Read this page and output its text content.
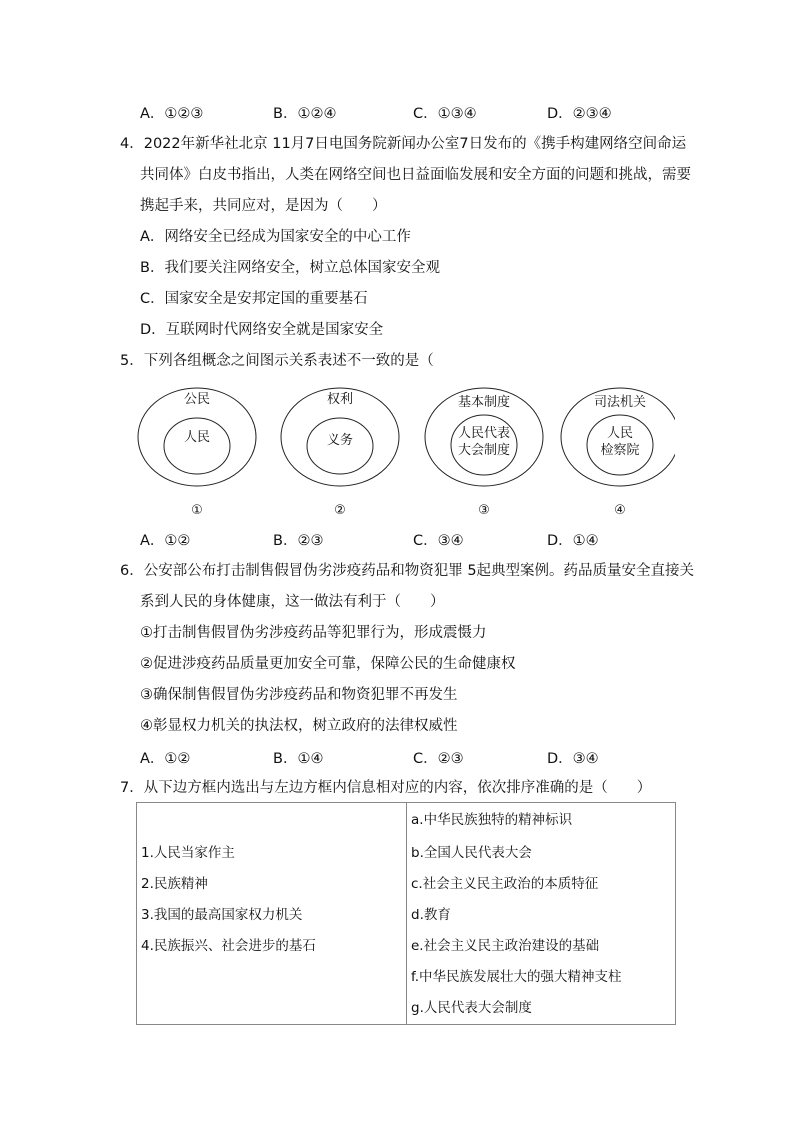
A．①②③	B．①②④	C．①③④	D．②③④
4．2022年新华社北京 11月7日电国务院新闻办公室7日发布的《携手构建网络空间命运
共同体》白皮书指出，人类在网络空间也日益面临发展和安全方面的问题和挑战，需要
携起手来，共同应对，是因为（　　）
A．网络安全已经成为国家安全的中心工作
B．我们要关注网络安全，树立总体国家安全观
C．国家安全是安邦定国的重要基石
D．互联网时代网络安全就是国家安全
5．下列各组概念之间图示关系表述不一致的是（
公民
人民
①
权利
义务
②
基本制度
人民代表
大会制度
③
司法机关
人民
检察院
④
A．①②	B．②③	C．③④	D．①④
6．公安部公布打击制售假冒伪劣涉疫药品和物资犯罪 5起典型案例。药品质量安全直接关
系到人民的身体健康，这一做法有利于（　　）
①打击制售假冒伪劣涉疫药品等犯罪行为，形成震慑力
②促进涉疫药品质量更加安全可靠，保障公民的生命健康权
③确保制售假冒伪劣涉疫药品和物资犯罪不再发生
④彰显权力机关的执法权，树立政府的法律权威性
A．①②	B．①④	C．②③	D．③④
7．从下边方框内选出与左边方框内信息相对应的内容，依次排序准确的是（　　）
1.人民当家作主
2.民族精神
3.我国的最高国家权力机关
4.民族振兴、社会进步的基石

a.中华民族独特的精神标识
b.全国人民代表大会
c.社会主义民主政治的本质特征
d.教育
e.社会主义民主政治建设的基础
f.中华民族发展壮大的强大精神支柱
g.人民代表大会制度
